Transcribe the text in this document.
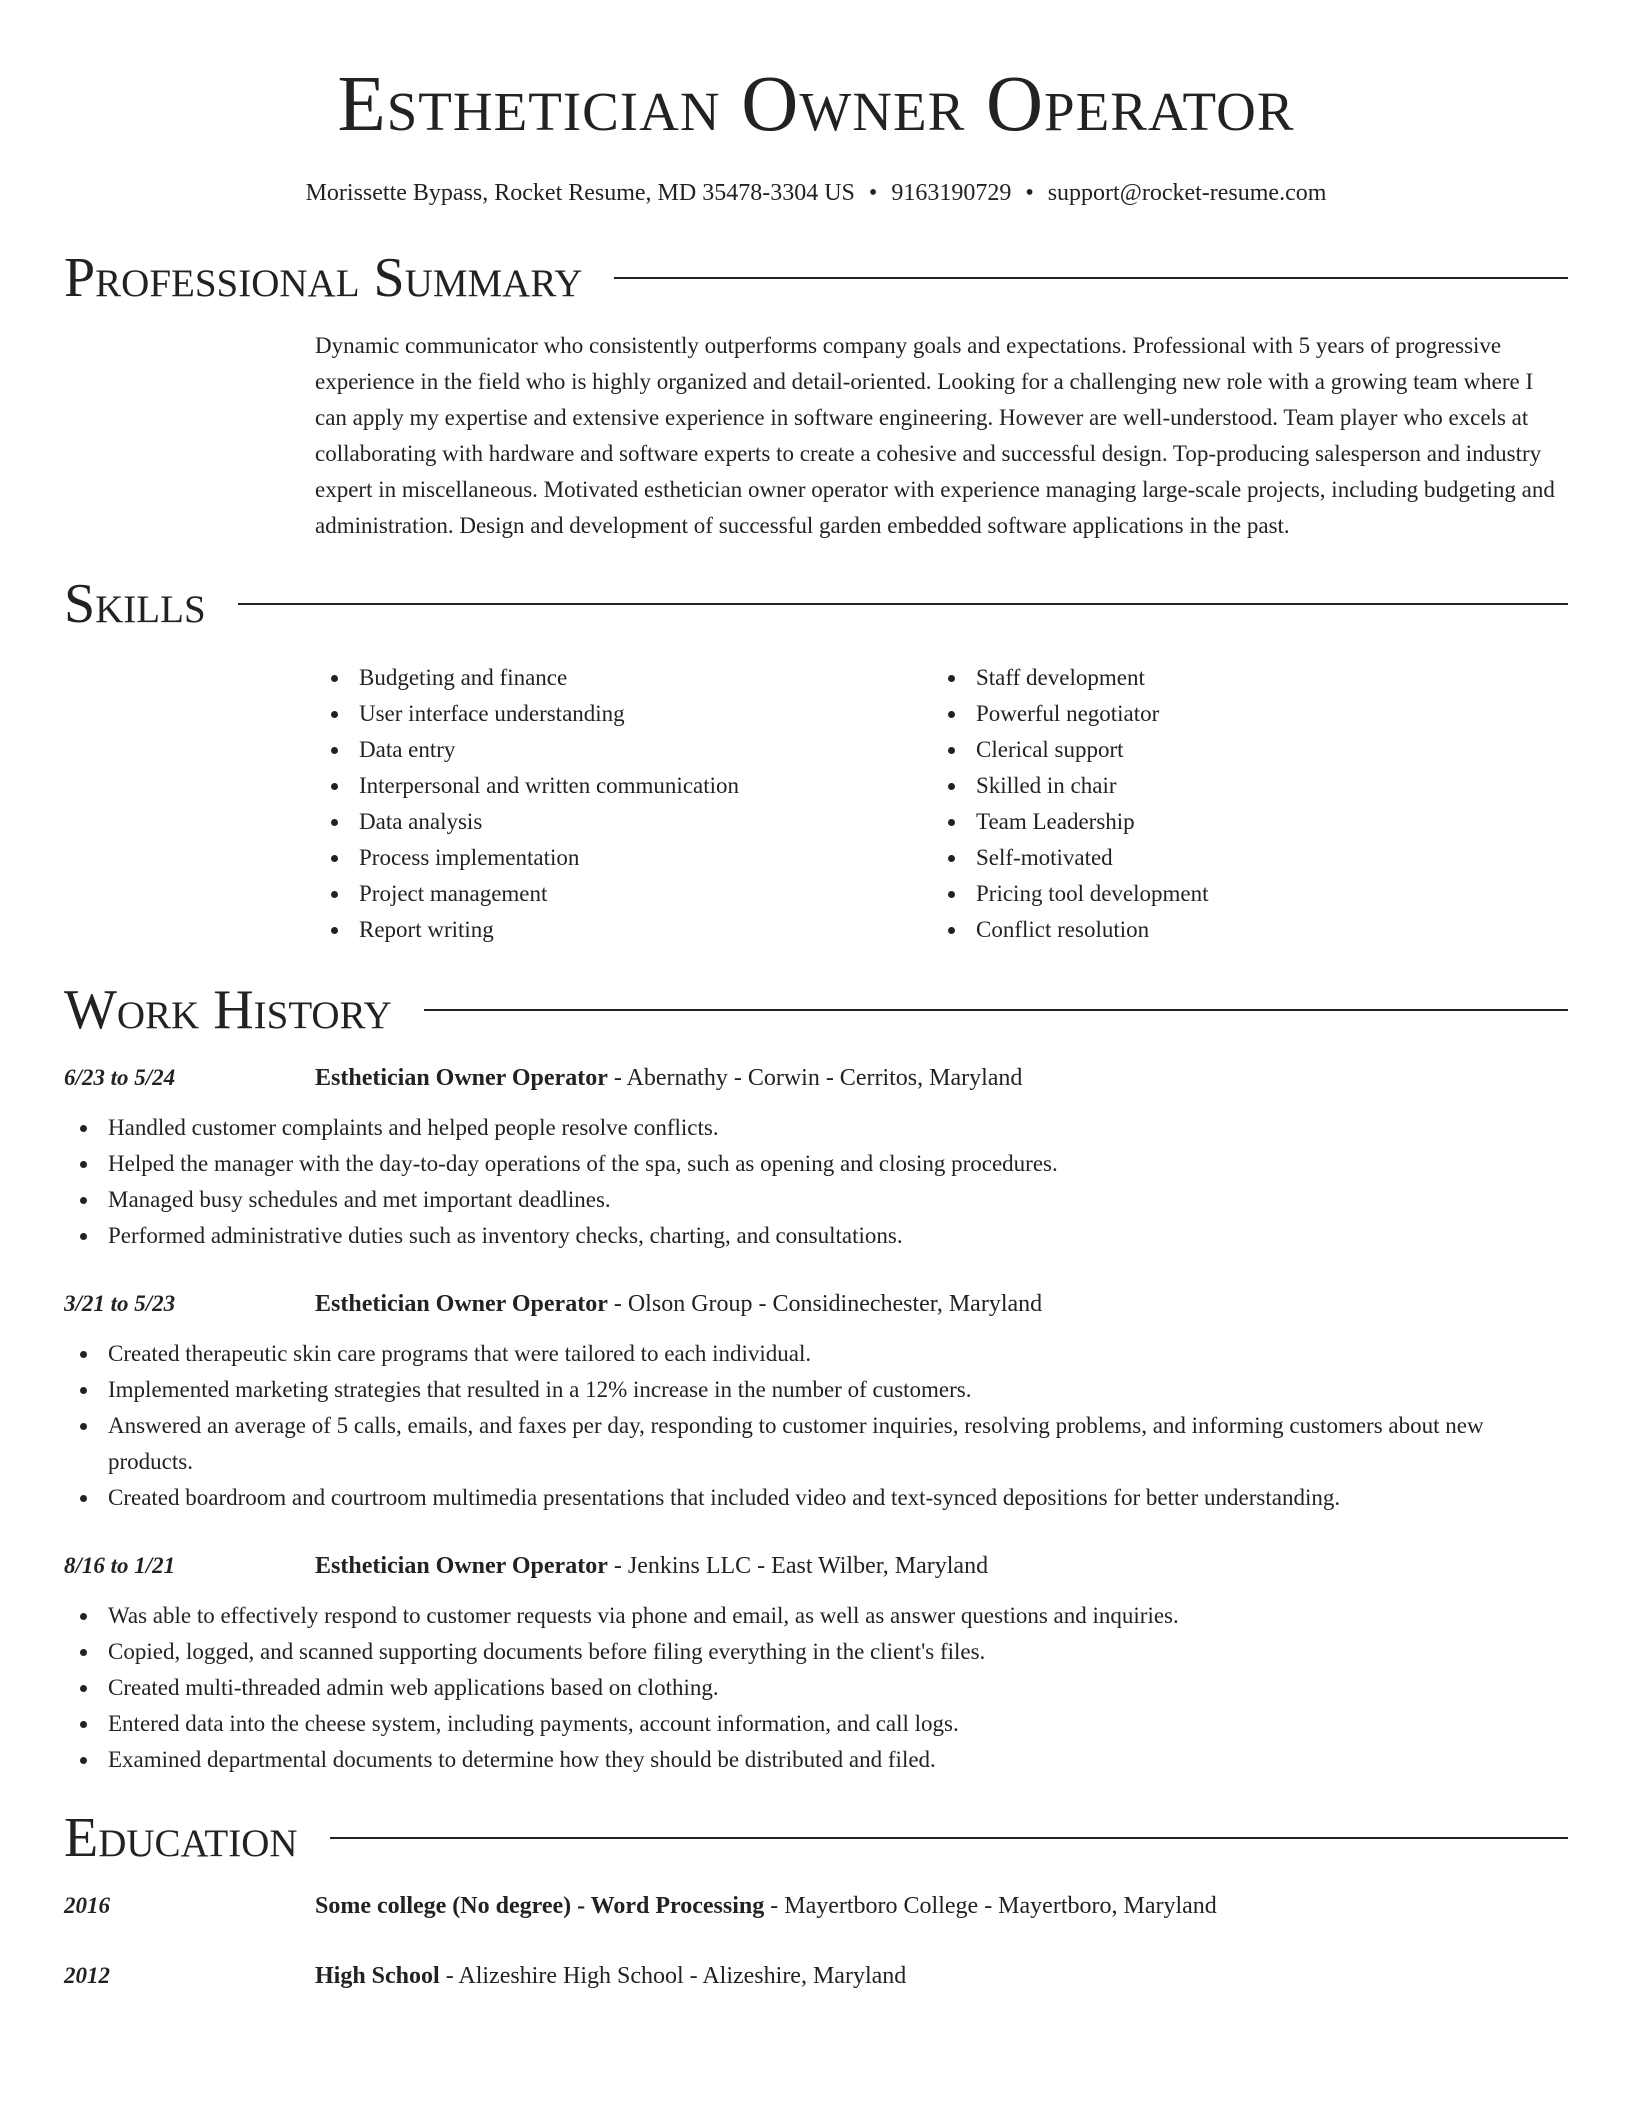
Esthetician Owner Operator
Morissette Bypass, Rocket Resume, MD 35478-3304 US • 9163190729 • support@rocket-resume.com
Professional Summary
Dynamic communicator who consistently outperforms company goals and expectations. Professional with 5 years of progressive experience in the field who is highly organized and detail-oriented. Looking for a challenging new role with a growing team where I can apply my expertise and extensive experience in software engineering. However are well-understood. Team player who excels at collaborating with hardware and software experts to create a cohesive and successful design. Top-producing salesperson and industry expert in miscellaneous. Motivated esthetician owner operator with experience managing large-scale projects, including budgeting and administration. Design and development of successful garden embedded software applications in the past.
Skills
Budgeting and finance
User interface understanding
Data entry
Interpersonal and written communication
Data analysis
Process implementation
Project management
Report writing
Staff development
Powerful negotiator
Clerical support
Skilled in chair
Team Leadership
Self-motivated
Pricing tool development
Conflict resolution
Work History
6/23 to 5/24	Esthetician Owner Operator - Abernathy - Corwin - Cerritos, Maryland
Handled customer complaints and helped people resolve conflicts.
Helped the manager with the day-to-day operations of the spa, such as opening and closing procedures.
Managed busy schedules and met important deadlines.
Performed administrative duties such as inventory checks, charting, and consultations.
3/21 to 5/23	Esthetician Owner Operator - Olson Group - Considinechester, Maryland
Created therapeutic skin care programs that were tailored to each individual.
Implemented marketing strategies that resulted in a 12% increase in the number of customers.
Answered an average of 5 calls, emails, and faxes per day, responding to customer inquiries, resolving problems, and informing customers about new products.
Created boardroom and courtroom multimedia presentations that included video and text-synced depositions for better understanding.
8/16 to 1/21	Esthetician Owner Operator - Jenkins LLC - East Wilber, Maryland
Was able to effectively respond to customer requests via phone and email, as well as answer questions and inquiries.
Copied, logged, and scanned supporting documents before filing everything in the client's files.
Created multi-threaded admin web applications based on clothing.
Entered data into the cheese system, including payments, account information, and call logs.
Examined departmental documents to determine how they should be distributed and filed.
Education
2016	Some college (No degree) - Word Processing - Mayertboro College - Mayertboro, Maryland
2012	High School - Alizeshire High School - Alizeshire, Maryland
